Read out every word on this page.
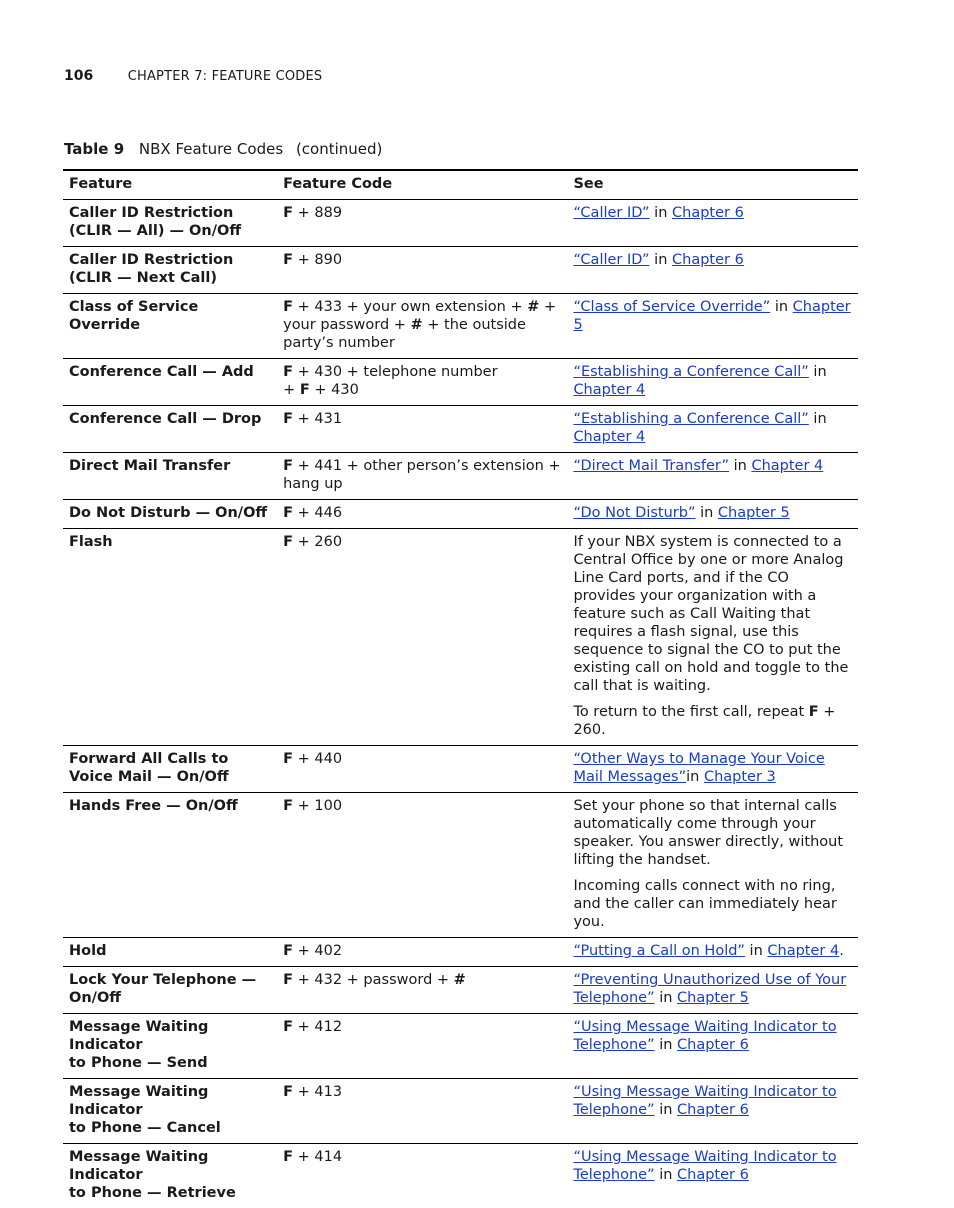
106	CHAPTER 7: FEATURE CODES
Table 9 NBX Feature Codes (continued)
Feature	Feature Code	See
Caller ID Restriction
(CLIR — All) — On/Off	F + 889	“Caller ID” in Chapter 6
Caller ID Restriction
(CLIR — Next Call)	F + 890	“Caller ID” in Chapter 6
Class of Service Override	F + 433 + your own extension + # + your password + # + the outside party’s number	“Class of Service Override” in Chapter 5
Conference Call — Add	F + 430 + telephone number
+ F + 430	“Establishing a Conference Call” in Chapter 4
Conference Call — Drop	F + 431	“Establishing a Conference Call” in Chapter 4
Direct Mail Transfer	F + 441 + other person’s extension + hang up	“Direct Mail Transfer” in Chapter 4
Do Not Disturb — On/Off	F + 446	“Do Not Disturb” in Chapter 5
Flash	F + 260	If your NBX system is connected to a Central Office by one or more Analog Line Card ports, and if the CO provides your organization with a feature such as Call Waiting that requires a flash signal, use this sequence to signal the CO to put the existing call on hold and toggle to the call that is waiting.

To return to the first call, repeat F + 260.

Forward All Calls to
Voice Mail — On/Off	F + 440	“Other Ways to Manage Your Voice Mail Messages”in Chapter 3
Hands Free — On/Off	F + 100	Set your phone so that internal calls automatically come through your speaker. You answer directly, without lifting the handset.

Incoming calls connect with no ring, and the caller can immediately hear you.

Hold	F + 402	“Putting a Call on Hold” in Chapter 4.
Lock Your Telephone —
On/Off	F + 432 + password + #	“Preventing Unauthorized Use of Your Telephone” in Chapter 5
Message Waiting Indicator
to Phone — Send	F + 412	“Using Message Waiting Indicator to Telephone” in Chapter 6
Message Waiting Indicator
to Phone — Cancel	F + 413	“Using Message Waiting Indicator to Telephone” in Chapter 6
Message Waiting Indicator
to Phone — Retrieve	F + 414	“Using Message Waiting Indicator to Telephone” in Chapter 6
